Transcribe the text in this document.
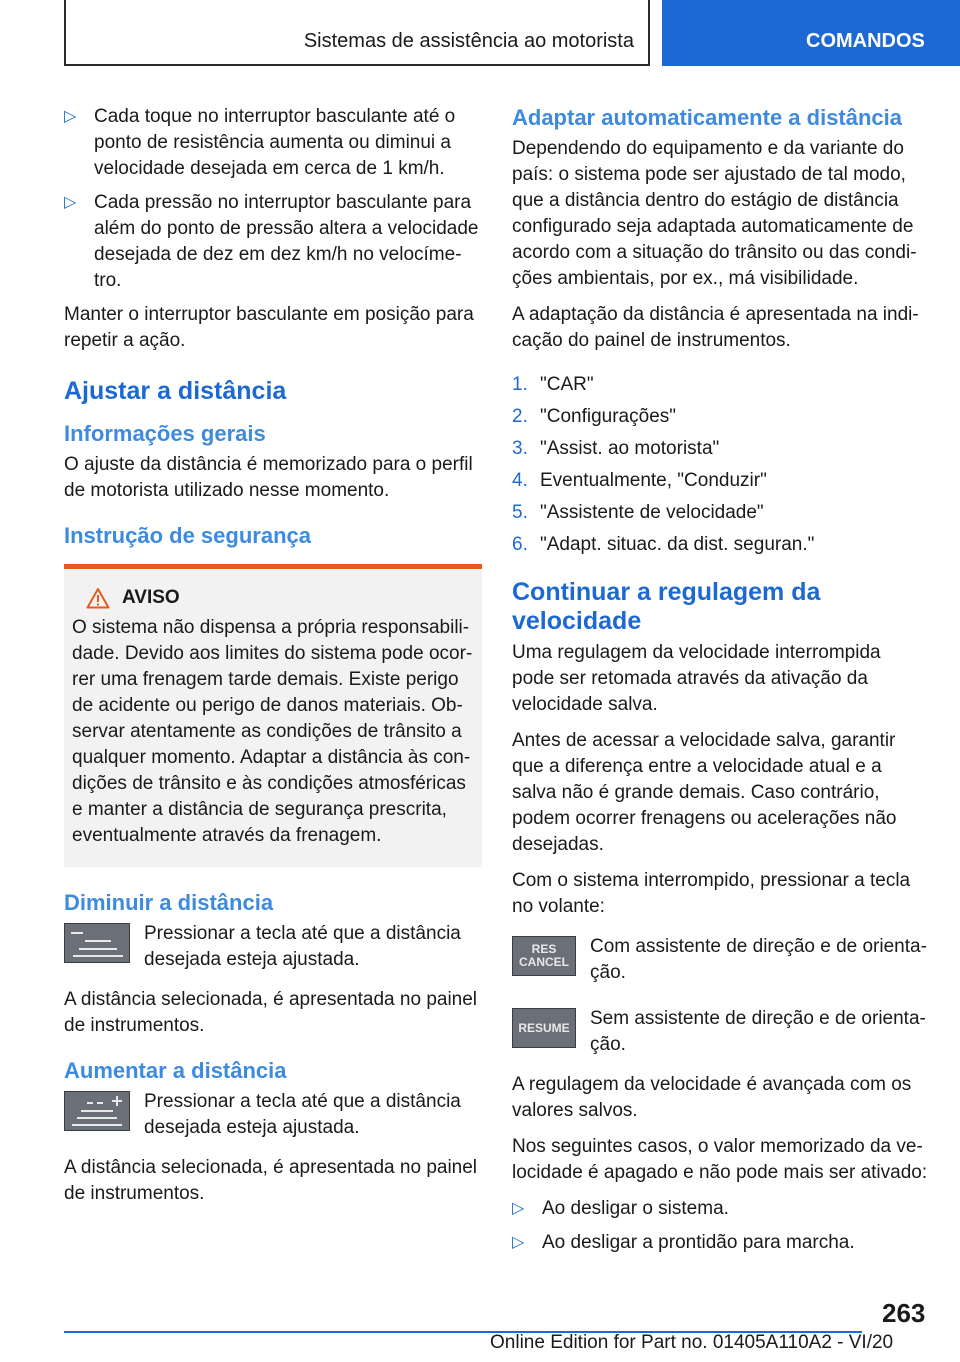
Sistemas de assistência ao motorista	COMANDOS
▷ Cada toque no interruptor basculante até o ponto de resistência aumenta ou diminui a velocidade desejada em cerca de 1 km/h.
▷ Cada pressão no interruptor basculante para além do ponto de pressão altera a velocidade desejada de dez em dez km/h no velocímetro.

Manter o interruptor basculante em posição para repetir a ação.

Ajustar a distância
Informações gerais

O ajuste da distância é memorizado para o perfil de motorista utilizado nesse momento.

Instrução de segurança
AVISO

O sistema não dispensa a própria responsabilidade. Devido aos limites do sistema pode ocorrer uma frenagem tarde demais. Existe perigo de acidente ou perigo de danos materiais. Observar atentamente as condições de trânsito a qualquer momento. Adaptar a distância às condições de trânsito e às condições atmosféricas e manter a distância de segurança prescrita, eventualmente através da frenagem.

Diminuir a distância
Pressionar a tecla até que a distância desejada esteja ajustada.

A distância selecionada, é apresentada no painel de instrumentos.

Aumentar a distância
Pressionar a tecla até que a distância desejada esteja ajustada.

A distância selecionada, é apresentada no painel de instrumentos.

Adaptar automaticamente a distância

Dependendo do equipamento e da variante do país: o sistema pode ser ajustado de tal modo, que a distância dentro do estágio de distância configurado seja adaptada automaticamente de acordo com a situação do trânsito ou das condições ambientais, por ex., má visibilidade.

A adaptação da distância é apresentada na indicação do painel de instrumentos.

1. "CAR"
2. "Configurações"
3. "Assist. ao motorista"
4. Eventualmente, "Conduzir"
5. "Assistente de velocidade"
6. "Adapt. situac. da dist. seguran."
Continuar a regulagem da velocidade

Uma regulagem da velocidade interrompida pode ser retomada através da ativação da velocidade salva.

Antes de acessar a velocidade salva, garantir que a diferença entre a velocidade atual e a salva não é grande demais. Caso contrário, podem ocorrer frenagens ou acelerações não desejadas.

Com o sistema interrompido, pressionar a tecla no volante:

RES
CANCEL
Com assistente de direção e de orientação.
RESUME Sem assistente de direção e de orientação.

A regulagem da velocidade é avançada com os valores salvos.

Nos seguintes casos, o valor memorizado da velocidade é apagado e não pode mais ser ativado:

▷ Ao desligar o sistema.
▷ Ao desligar a prontidão para marcha.
263
Online Edition for Part no. 01405A110A2 - VI/20
